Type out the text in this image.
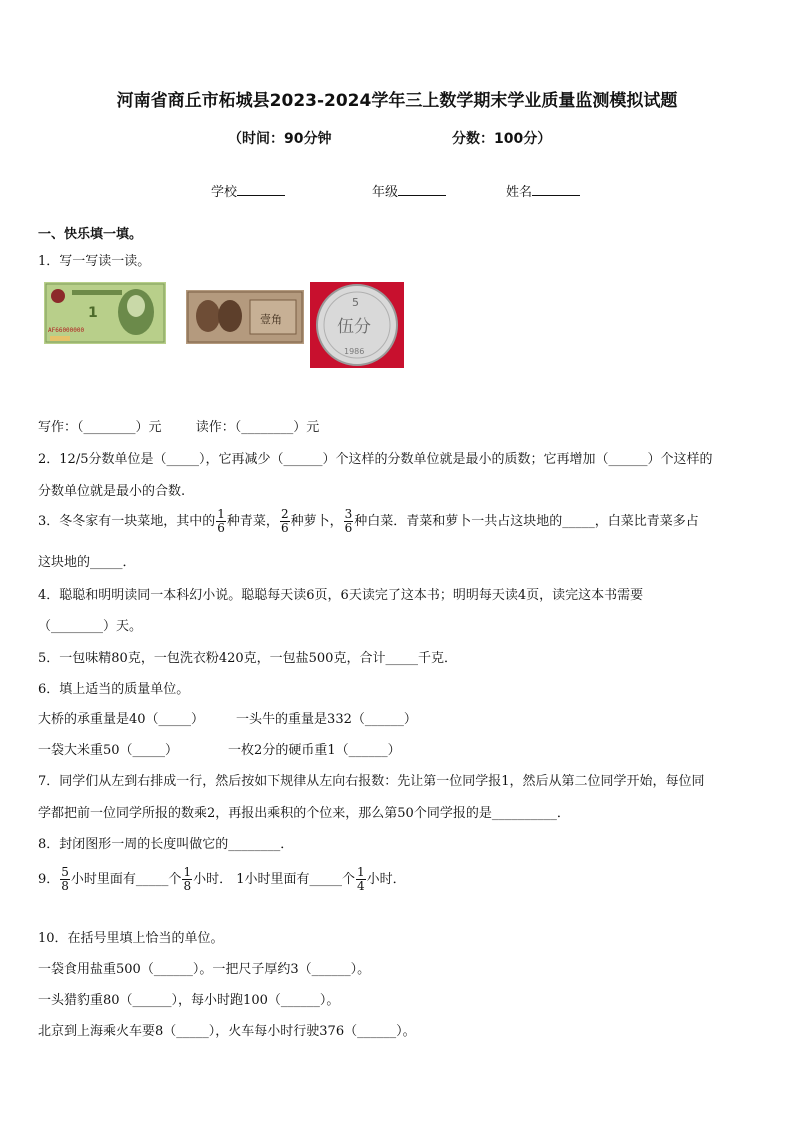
河南省商丘市柘城县2023-2024学年三上数学期末学业质量监测模拟试题
（时间：90分钟	分数：100分）
学校	年级	姓名
一、快乐填一填。
1．写一写读一读。
1
AF66000000
壹角
5
伍分
1986
写作：（________）元	读作：（________）元
2．12/5分数单位是（_____），它再减少（______）个这样的分数单位就是最小的质数；它再增加（______）个这样的
分数单位就是最小的合数.
3．冬冬家有一块菜地，其中的 $\frac{1}{6}$ 种青菜， $\frac{2}{6}$ 种萝卜， $\frac{3}{6}$ 种白菜．青菜和萝卜一共占这块地的_____，白菜比青菜多占
这块地的_____．
4．聪聪和明明读同一本科幻小说。聪聪每天读6页，6天读完了这本书；明明每天读4页，读完这本书需要
（________）天。
5．一包味精80克，一包洗衣粉420克，一包盐500克，合计_____千克．
6．填上适当的质量单位。
大桥的承重量是40（_____） 一头牛的重量是332（______）
一袋大米重50（_____）	一枚2分的硬币重1（______）
7．同学们从左到右排成一行，然后按如下规律从左向右报数：先让第一位同学报1，然后从第二位同学开始，每位同
学都把前一位同学所报的数乘2，再报出乘积的个位来，那么第50个同学报的是__________．
8．封闭图形一周的长度叫做它的________．
9． $\frac{5}{8}$ 小时里面有_____个 $\frac{1}{8}$ 小时． 1小时里面有_____个 $\frac{1}{4}$ 小时．
10．在括号里填上恰当的单位。
一袋食用盐重500（______）。一把尺子厚约3（______）。
一头猎豹重80（______），每小时跑100（______）。
北京到上海乘火车要8（_____），火车每小时行驶376（______）。
